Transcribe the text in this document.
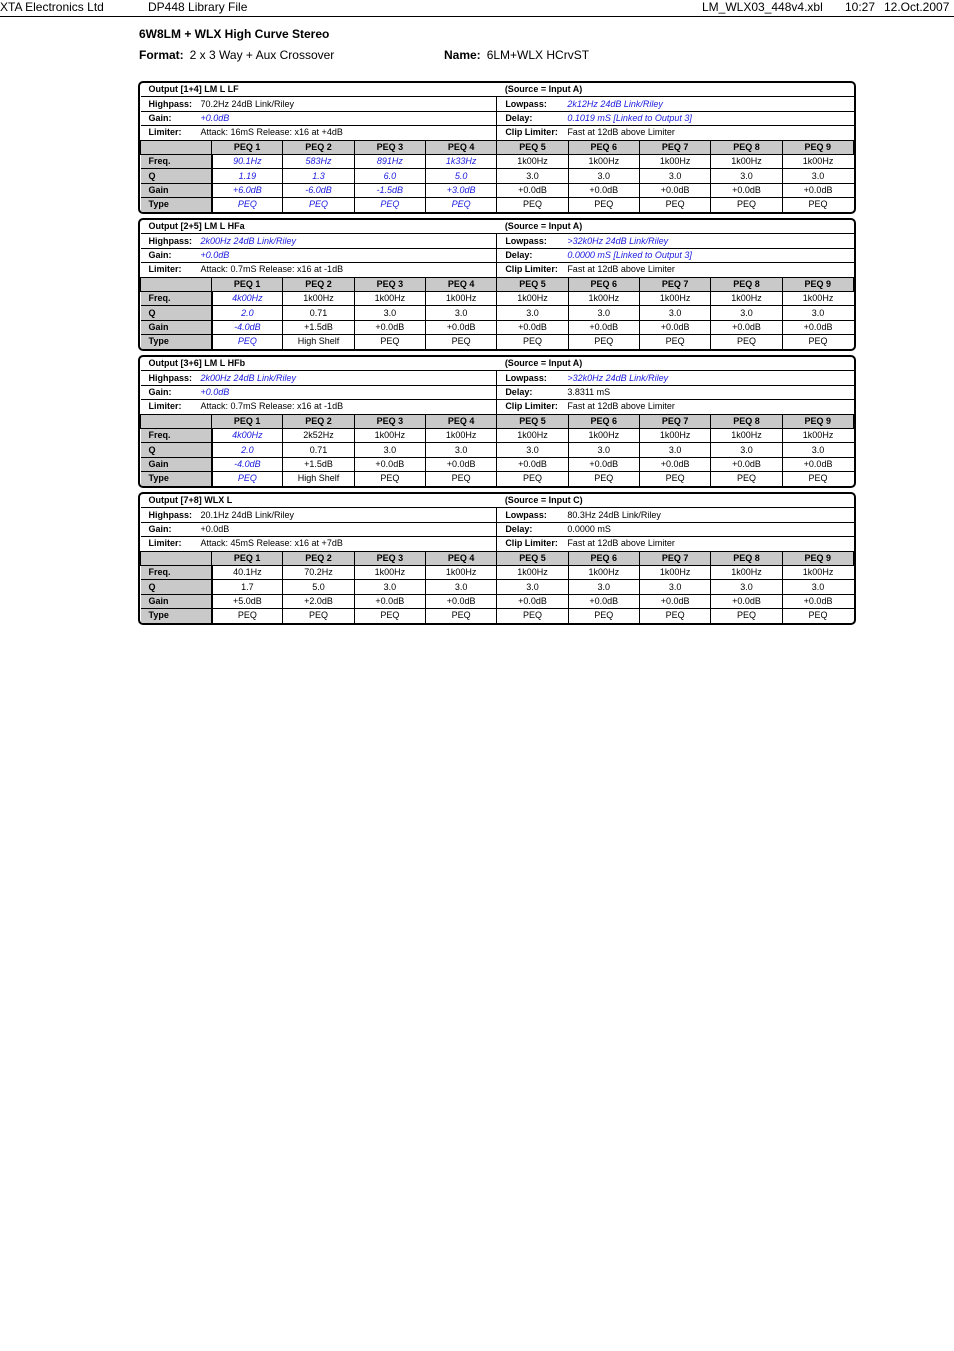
XTA Electronics Ltd	DP448 Library File	LM_WLX03_448v4.xbl 10:27 12.Oct.2007
6W8LM + WLX High Curve Stereo
Format: 2 x 3 Way + Aux Crossover	Name: 6LM+WLX HCrvST
Output [1+4] LM L LF					(Source = Input A)				
Highpass: 70.2Hz 24dB Link/Riley					Lowpass: 2k12Hz 24dB Link/Riley				
Gain: +0.0dB					Delay: 0.1019 mS [Linked to Output 3]				
Limiter: Attack: 16mS Release: x16 at +4dB					Clip Limiter: Fast at 12dB above Limiter				
	PEQ 1	PEQ 2	PEQ 3	PEQ 4	PEQ 5	PEQ 6	PEQ 7	PEQ 8	PEQ 9
Freq.	90.1Hz	583Hz	891Hz	1k33Hz	1k00Hz	1k00Hz	1k00Hz	1k00Hz	1k00Hz
Q	1.19	1.3	6.0	5.0	3.0	3.0	3.0	3.0	3.0
Gain	+6.0dB	-6.0dB	-1.5dB	+3.0dB	+0.0dB	+0.0dB	+0.0dB	+0.0dB	+0.0dB
Type	PEQ	PEQ	PEQ	PEQ	PEQ	PEQ	PEQ	PEQ	PEQ
Output [2+5] LM L HFa					(Source = Input A)				
Highpass: 2k00Hz 24dB Link/Riley					Lowpass: >32k0Hz 24dB Link/Riley				
Gain: +0.0dB					Delay: 0.0000 mS [Linked to Output 3]				
Limiter: Attack: 0.7mS Release: x16 at -1dB					Clip Limiter: Fast at 12dB above Limiter				
	PEQ 1	PEQ 2	PEQ 3	PEQ 4	PEQ 5	PEQ 6	PEQ 7	PEQ 8	PEQ 9
Freq.	4k00Hz	1k00Hz	1k00Hz	1k00Hz	1k00Hz	1k00Hz	1k00Hz	1k00Hz	1k00Hz
Q	2.0	0.71	3.0	3.0	3.0	3.0	3.0	3.0	3.0
Gain	-4.0dB	+1.5dB	+0.0dB	+0.0dB	+0.0dB	+0.0dB	+0.0dB	+0.0dB	+0.0dB
Type	PEQ	High Shelf	PEQ	PEQ	PEQ	PEQ	PEQ	PEQ	PEQ
Output [3+6] LM L HFb					(Source = Input A)				
Highpass: 2k00Hz 24dB Link/Riley					Lowpass: >32k0Hz 24dB Link/Riley				
Gain: +0.0dB					Delay: 3.8311 mS				
Limiter: Attack: 0.7mS Release: x16 at -1dB					Clip Limiter: Fast at 12dB above Limiter				
	PEQ 1	PEQ 2	PEQ 3	PEQ 4	PEQ 5	PEQ 6	PEQ 7	PEQ 8	PEQ 9
Freq.	4k00Hz	2k52Hz	1k00Hz	1k00Hz	1k00Hz	1k00Hz	1k00Hz	1k00Hz	1k00Hz
Q	2.0	0.71	3.0	3.0	3.0	3.0	3.0	3.0	3.0
Gain	-4.0dB	+1.5dB	+0.0dB	+0.0dB	+0.0dB	+0.0dB	+0.0dB	+0.0dB	+0.0dB
Type	PEQ	High Shelf	PEQ	PEQ	PEQ	PEQ	PEQ	PEQ	PEQ
Output [7+8] WLX L					(Source = Input C)				
Highpass: 20.1Hz 24dB Link/Riley					Lowpass: 80.3Hz 24dB Link/Riley				
Gain: +0.0dB					Delay: 0.0000 mS				
Limiter: Attack: 45mS Release: x16 at +7dB					Clip Limiter: Fast at 12dB above Limiter				
	PEQ 1	PEQ 2	PEQ 3	PEQ 4	PEQ 5	PEQ 6	PEQ 7	PEQ 8	PEQ 9
Freq.	40.1Hz	70.2Hz	1k00Hz	1k00Hz	1k00Hz	1k00Hz	1k00Hz	1k00Hz	1k00Hz
Q	1.7	5.0	3.0	3.0	3.0	3.0	3.0	3.0	3.0
Gain	+5.0dB	+2.0dB	+0.0dB	+0.0dB	+0.0dB	+0.0dB	+0.0dB	+0.0dB	+0.0dB
Type	PEQ	PEQ	PEQ	PEQ	PEQ	PEQ	PEQ	PEQ	PEQ
